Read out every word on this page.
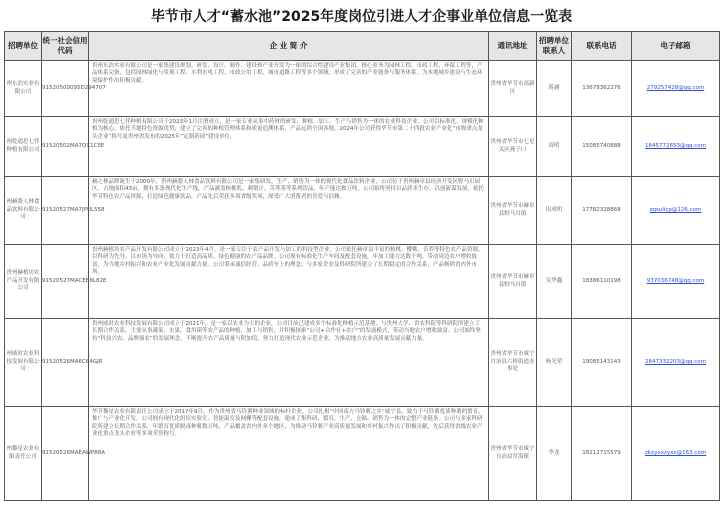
毕节市人才“蓄水池”2025年度岗位引进人才企事业单位信息一览表
招聘单位	统一社会信用代码	企 业 简 介	通讯地址	招聘单位联系人	联系电话	电子邮箱
州东浩实业有限公司	91520500095D294707	贵州东浩实业有限公司是一家集建设规划、研发、设计、制作、建设和产业开发为一体的综合性建设产业集团，核心业务为园林工程、市政工程、环保工程等，产品体系完备，包括园林绿化与景观工程、水利水电工程、市政公用工程、城市道路工程等多个领域，形成了完善的产业链条与服务体系，为本地城乡建设与生态环境保护作出积极贡献。	贵州省毕节市高新区	蒋涵	13678362276	279257428@qq.com
州乾通思七伴种植有限公司	91520502MA7QX1C5E	贵州乾通思七伴种植有限公司于2023年1月注册成立，是一家专业从事中药材的研发、种植、加工、生产与销售为一体的农业科技企业。公司以标准化、规模化种植为核心，依托当地特色资源优势，建立了完善的种植管理体系和质量追溯体系，产品远销全国各地。2024年公司获得毕节市第二十四批农业产业化“市级重点龙头企业”称号及贵州省发布的2025年“定制药园”建设单位。	贵州省毕节市七星关区燕子口	周明	15085740888	1845772653@qq.com
州赫姿人林食品饮料有限公司	91520527MA7JPUL558	赫之林品牌诞生于2000年，贵州赫姿人林食品饮料有限公司是一家集研发、生产、销售为一体的现代化食品饮料企业，公司位于贵州赫章县经济开发区野马川园区，占地面积43亩，拥有多条现代化生产线，产品涵盖核桃乳、刺梨汁、苦荞茶等系列饮品，年产能达数万吨。公司始终坚持以品质求生存、以创新谋发展，依托毕节特色农产品资源，打造绿色健康饮品，产品先后荣获多项省级奖项，深受广大消费者的喜爱与信赖。	贵州省毕节市赫章县野马川镇	田成明	17782328868	zqsulicp@126.com
贵州赫植坊农产品开发有限公司	91520527MACEB8L82E	贵州赫植坊农产品开发有限公司成立于2023年4月，是一家专注于农产品开发与加工的科技型企业，公司依托赫章县丰富的核桃、樱桃、苦荞等特色农产品资源，以科研为先导、以市场为导向，致力于打造高品质、绿色健康的农产品品牌。公司现有标准化生产车间及配套设施，年加工能力达数千吨，带动周边农户增收致富，为当地乡村振兴和农业产业化发展贡献力量。公司秉承诚信经营、品质至上的理念，与多家企业及科研院所建立了长期稳定的合作关系，产品畅销省内外市场。	贵州省毕节市赫章县野马川镇	吴华鑫	18386110198	937036748@qq.com
州威时农业科技发展有限公司	91520526MA6C64GJR	贵州威时农业科技发展有限公司成立于2021年，是一家以农业为主的企业，公司目前已建成多个标准化种植示范基地，与贵州大学、省农科院等科研院所建立了长期合作关系，主要从事蔬菜、水果、食用菌等农产品的种植、加工与销售，并积极探索“公司+合作社+农户”的发展模式，带动当地农户增收致富。公司始终坚持“科技兴农、品牌强农”的发展理念，不断提升农产品质量与附加值，努力打造现代农业示范企业，为推动地方农业高质量发展贡献力量。	贵州省毕节市威宁自治县六桥街道办事处	杨光荣	19085143143	2847332203@qq.com
州黎星农业有限责任公司	91520526MAEAWP88A	毕节黎星农业有限责任公司成立于2017年9月，作为贵州省马铃薯种业领域的标杆企业，公司扎根“中国南方马铃薯之乡”威宁县，致力于马铃薯优质种薯的繁育、推广与产业化开发。公司拥有现代化组培实验室、智能温室及网棚等配套设施，建成了集科研、繁育、生产、仓储、销售为一体的完整产业链条。公司与多家科研院所建立长期合作关系，年繁育优质脱毒种薯数万吨，产品覆盖省内外多个地区，为推动马铃薯产业高质量发展和乡村振兴作出了积极贡献，先后获得省级农业产业化重点龙头企业等多项荣誉称号。	贵州省毕节市威宁自治县草海镇	李龙	18212715579	zkxyxxzyxx@163.com
